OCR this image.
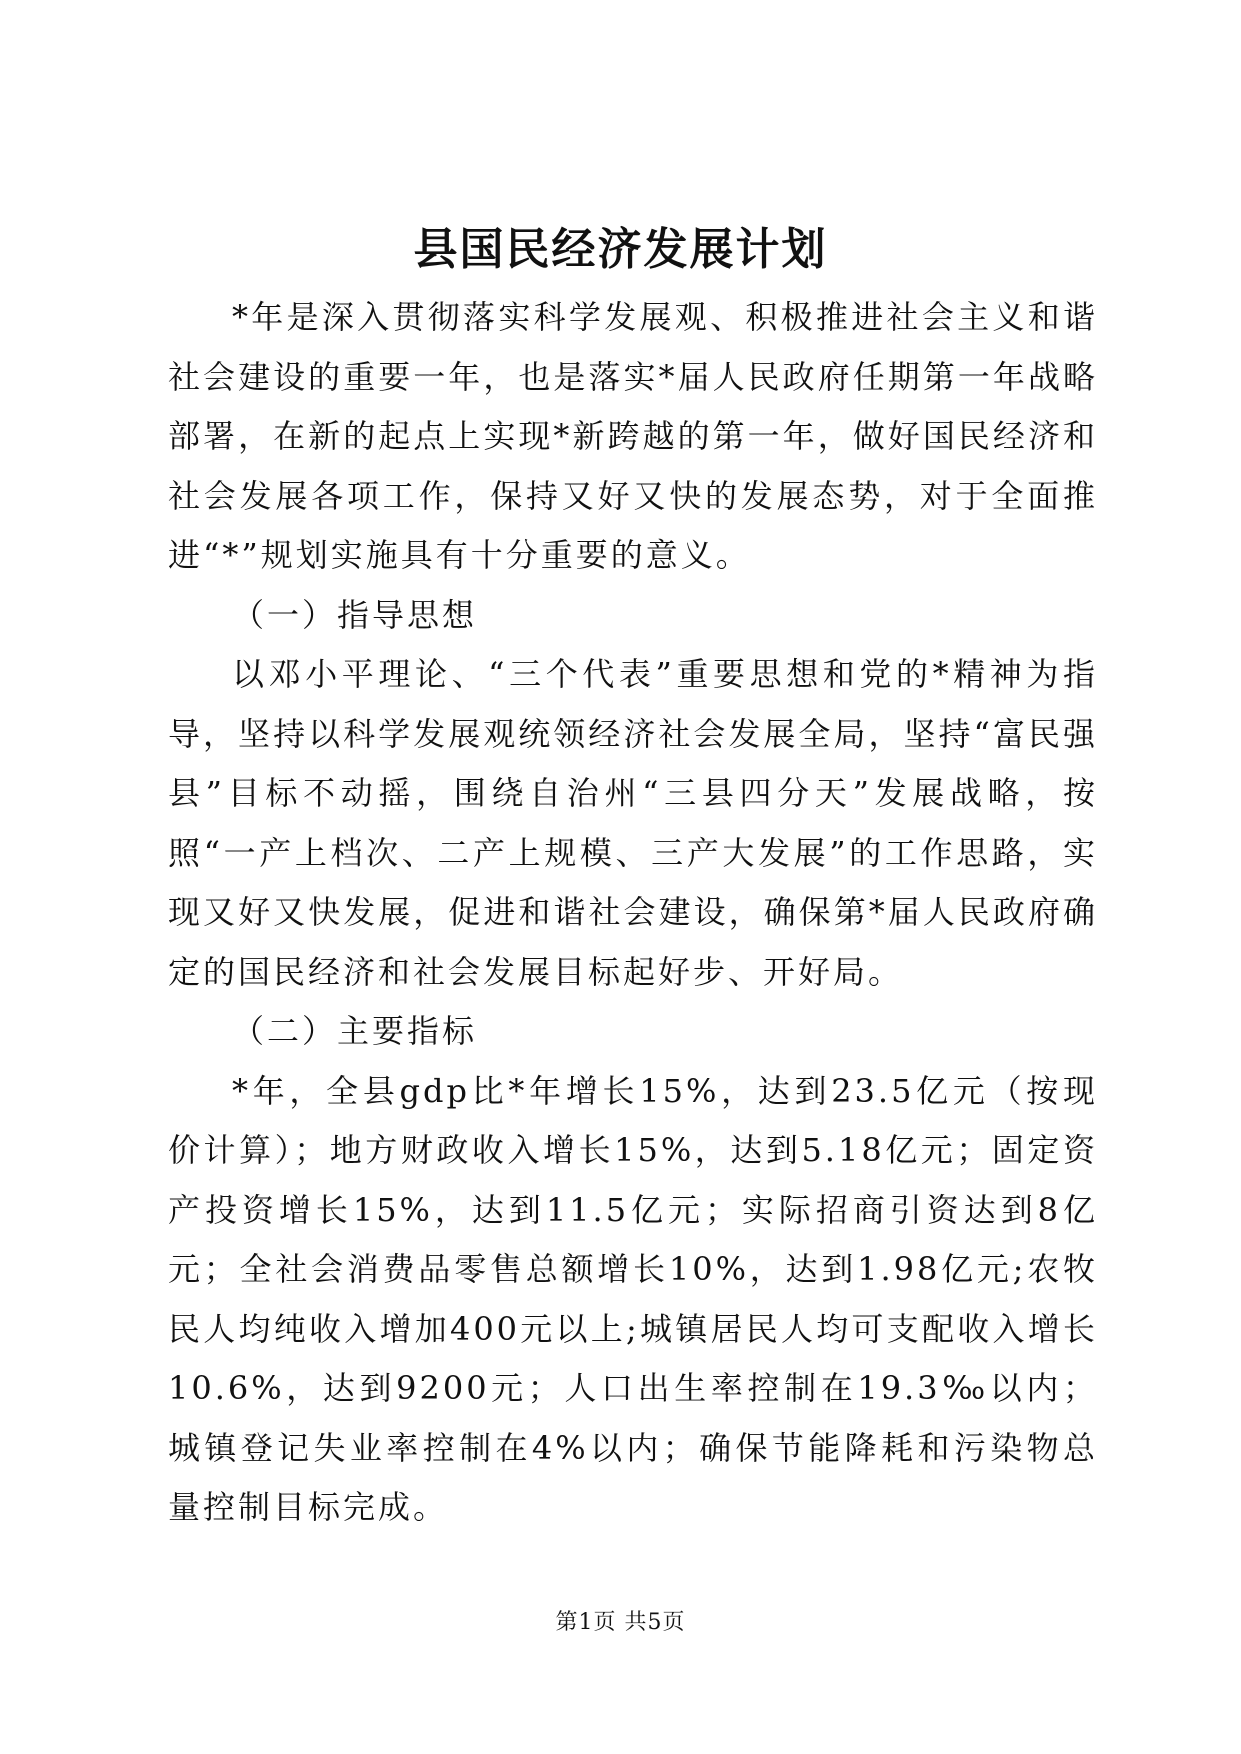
县国民经济发展计划

*年是深入贯彻落实科学发展观、积极推进社会主义和谐社会建设的重要一年，也是落实*届人民政府任期第一年战略部署，在新的起点上实现*新跨越的第一年，做好国民经济和社会发展各项工作，保持又好又快的发展态势，对于全面推进“*”规划实施具有十分重要的意义。

（一）指导思想

以邓小平理论、“三个代表”重要思想和党的*精神为指导，坚持以科学发展观统领经济社会发展全局，坚持“富民强县”目标不动摇，围绕自治州“三县四分天”发展战略，按照“一产上档次、二产上规模、三产大发展”的工作思路，实现又好又快发展，促进和谐社会建设，确保第*届人民政府确定的国民经济和社会发展目标起好步、开好局。

（二）主要指标

*年，全县gdp比*年增长15%，达到23.5亿元（按现价计算）；地方财政收入增长15%，达到5.18亿元；固定资产投资增长15%，达到11.5亿元；实际招商引资达到8亿元；全社会消费品零售总额增长10%，达到1.98亿元;农牧民人均纯收入增加400元以上;城镇居民人均可支配收入增长10.6%，达到9200元；人口出生率控制在19.3‰以内；城镇登记失业率控制在4%以内；确保节能降耗和污染物总量控制目标完成。

第1页 共5页
